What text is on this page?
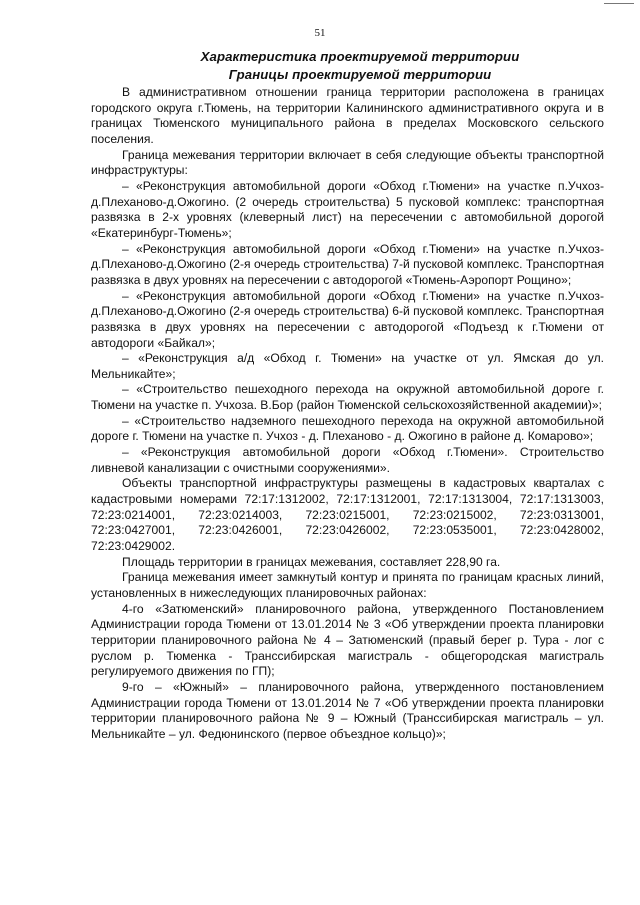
51
Характеристика проектируемой территории
Границы проектируемой территории

В административном отношении граница территории расположена в границах городского округа г.Тюмень, на территории Калининского административного округа и в границах Тюменского муниципального района в пределах Московского сельского поселения.

Граница межевания территории включает в себя следующие объекты транспортной инфраструктуры:

– «Реконструкция автомобильной дороги «Обход г.Тюмени» на участке п.Учхоз-д.Плеханово-д.Ожогино. (2 очередь строительства) 5 пусковой комплекс: транспортная развязка в 2-х уровнях (клеверный лист) на пересечении с автомобильной дорогой «Екатеринбург-Тюмень»;

– «Реконструкция автомобильной дороги «Обход г.Тюмени» на участке п.Учхоз-д.Плеханово-д.Ожогино (2-я очередь строительства) 7-й пусковой комплекс. Транспортная развязка в двух уровнях на пересечении с автодорогой «Тюмень-Аэропорт Рощино»;

– «Реконструкция автомобильной дороги «Обход г.Тюмени» на участке п.Учхоз-д.Плеханово-д.Ожогино (2-я очередь строительства) 6-й пусковой комплекс. Транспортная развязка в двух уровнях на пересечении с автодорогой «Подъезд к г.Тюмени от автодороги «Байкал»;

– «Реконструкция а/д «Обход г. Тюмени» на участке от ул. Ямская до ул. Мельникайте»;

– «Строительство пешеходного перехода на окружной автомобильной дороге г. Тюмени на участке п. Учхоза. В.Бор (район Тюменской сельскохозяйственной академии)»;

– «Строительство надземного пешеходного перехода на окружной автомобильной дороге г. Тюмени на участке п. Учхоз - д. Плеханово - д. Ожогино в районе д. Комарово»;

– «Реконструкция автомобильной дороги «Обход г.Тюмени». Строительство ливневой канализации с очистными сооружениями».

Объекты транспортной инфраструктуры размещены в кадастровых кварталах с кадастровыми номерами 72:17:1312002, 72:17:1312001, 72:17:1313004, 72:17:1313003, 72:23:0214001, 72:23:0214003, 72:23:0215001, 72:23:0215002, 72:23:0313001, 72:23:0427001, 72:23:0426001, 72:23:0426002, 72:23:0535001, 72:23:0428002, 72:23:0429002.

Площадь территории в границах межевания, составляет 228,90 га.

Граница межевания имеет замкнутый контур и принята по границам красных линий, установленных в нижеследующих планировочных районах:

4-го «Затюменский» планировочного района, утвержденного Постановлением Администрации города Тюмени от 13.01.2014 № 3 «Об утверждении проекта планировки территории планировочного района № 4 – Затюменский (правый берег р. Тура - лог с руслом р. Тюменка - Транссибирская магистраль - общегородская магистраль регулируемого движения по ГП);

9-го – «Южный» – планировочного района, утвержденного постановлением Администрации города Тюмени от 13.01.2014 № 7 «Об утверждении проекта планировки территории планировочного района № 9 – Южный (Транссибирская магистраль – ул. Мельникайте – ул. Федюнинского (первое объездное кольцо)»;
